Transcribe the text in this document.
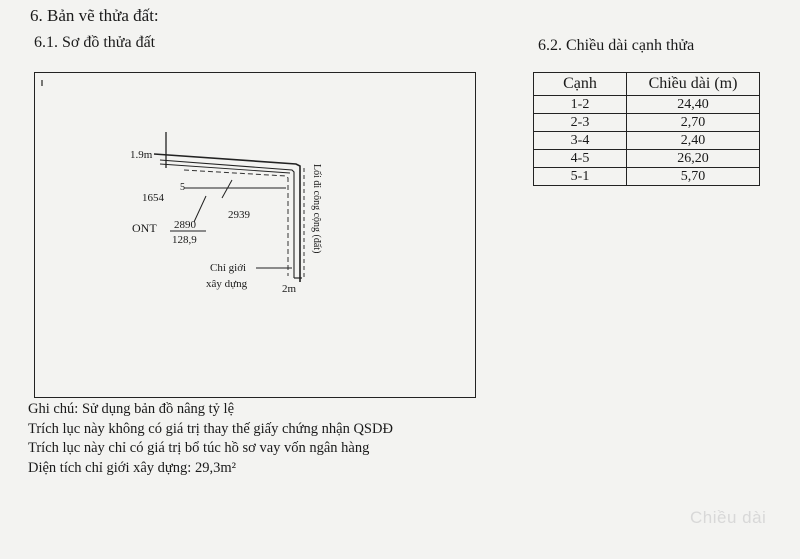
6. Bản vẽ thửa đất:
6.1. Sơ đồ thửa đất	6.2. Chiều dài cạnh thửa
1.9m
1654
5
ONT 2890
128,9
2939	Lối đi công cộng (đất)
Chỉ giới
xây dựng	2m
Cạnh	Chiều dài (m)
1-2	24,40
2-3	2,70
3-4	2,40
4-5	26,20
5-1	5,70
Ghi chú: Sử dụng bản đồ nâng tỷ lệ
Trích lục này không có giá trị thay thế giấy chứng nhận QSDĐ
Trích lục này chỉ có giá trị bổ túc hồ sơ vay vốn ngân hàng
Diện tích chỉ giới xây dựng: 29,3m²
Chiều dài
